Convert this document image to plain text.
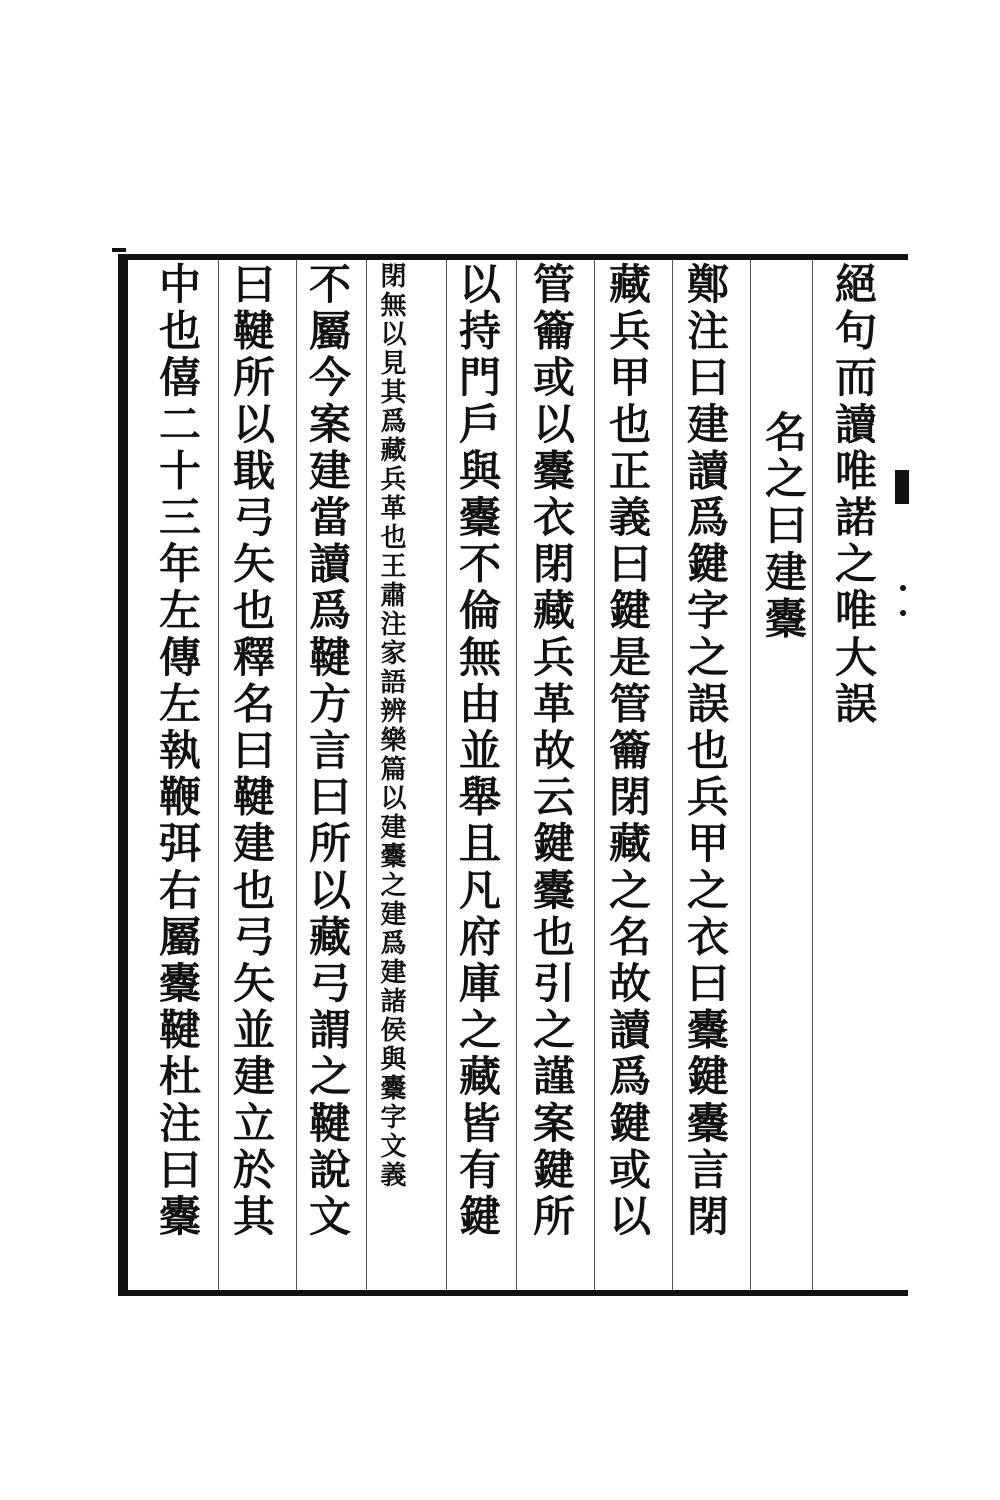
絕句而讀唯諾之唯大誤
名之曰建櫜
鄭注曰建讀爲鍵字之誤也兵甲之衣曰櫜鍵櫜言閉
藏兵甲也正義曰鍵是管籥閉藏之名故讀爲鍵或以
管籥或以櫜衣閉藏兵革故云鍵櫜也引之謹案鍵所
以持門戶與櫜不倫無由並舉且凡府庫之藏皆有鍵
閉無以見其爲藏兵革也王肅注家語辨樂篇以建櫜之建爲建諸侯與櫜字文義
不屬今案建當讀爲鞬方言曰所以藏弓謂之鞬說文
曰鞬所以戢弓矢也釋名曰鞬建也弓矢並建立於其
中也僖二十三年左傳左執鞭弭右屬櫜鞬杜注曰櫜
